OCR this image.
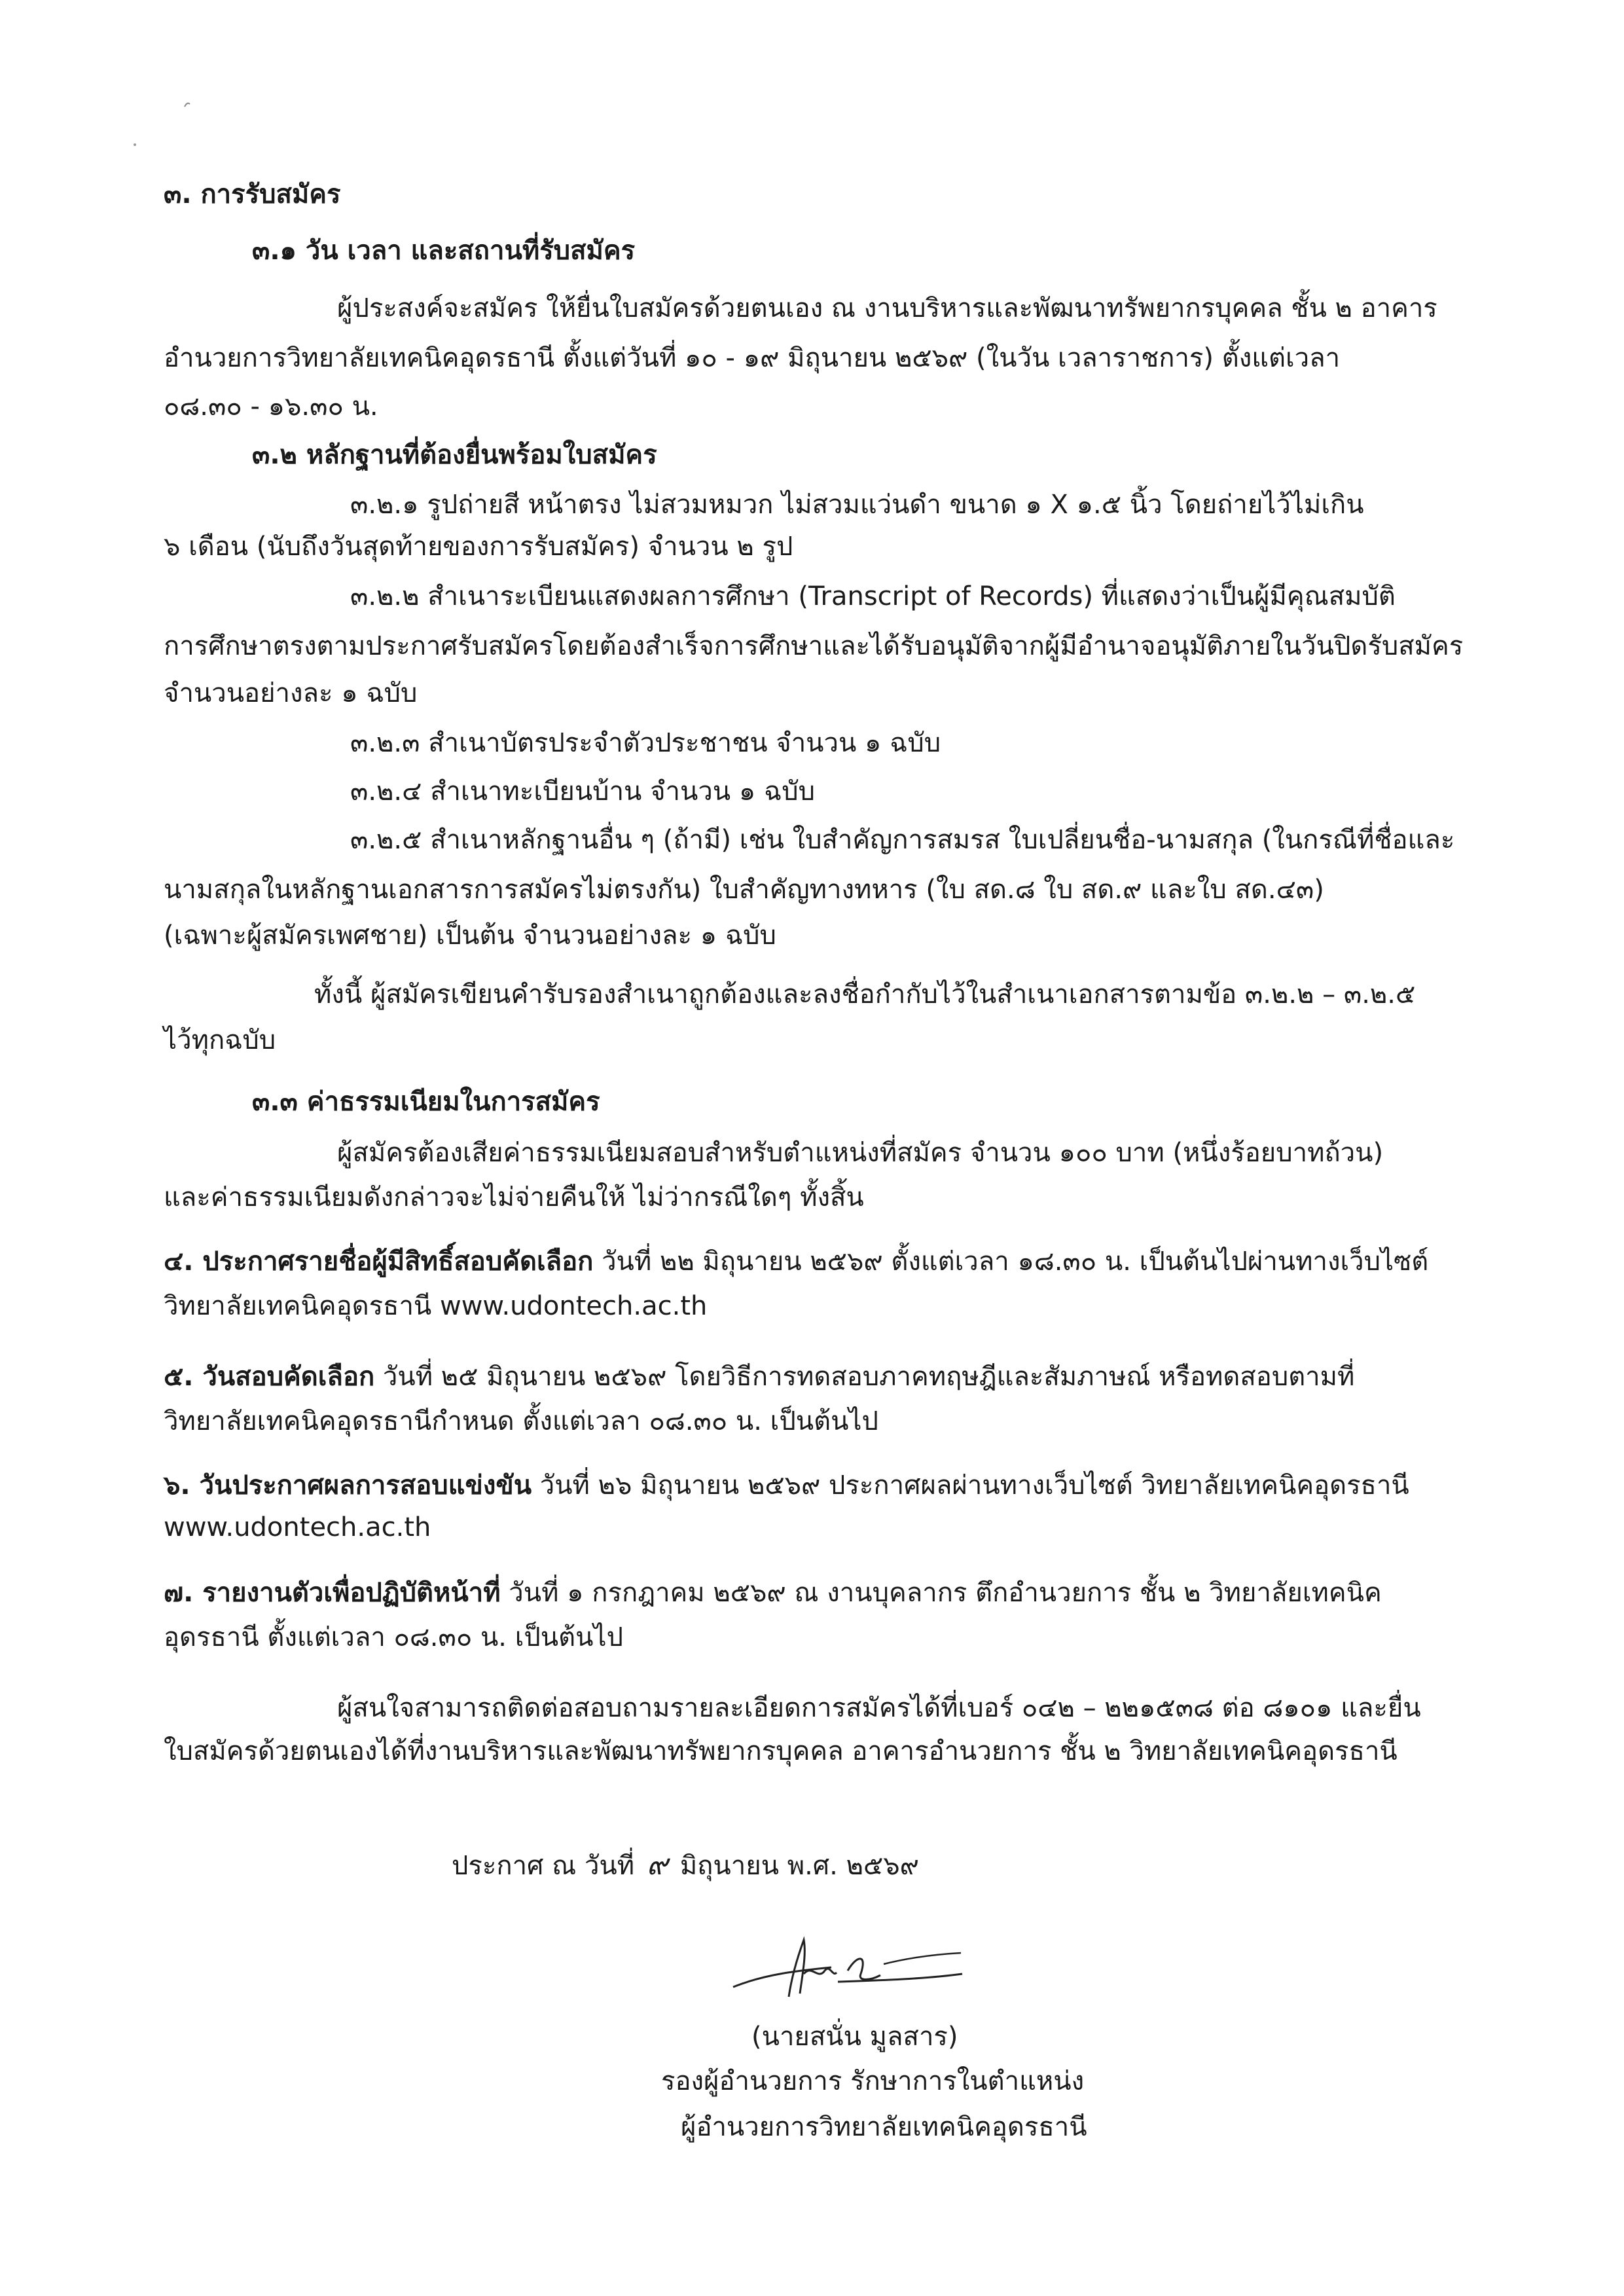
๓. การรับสมัคร
๓.๑ วัน เวลา และสถานที่รับสมัคร
ผู้ประสงค์จะสมัคร ให้ยื่นใบสมัครด้วยตนเอง ณ งานบริหารและพัฒนาทรัพยากรบุคคล ชั้น ๒ อาคาร
อำนวยการวิทยาลัยเทคนิคอุดรธานี ตั้งแต่วันที่ ๑๐ - ๑๙ มิถุนายน ๒๕๖๙ (ในวัน เวลาราชการ) ตั้งแต่เวลา
๐๘.๓๐ - ๑๖.๓๐ น.
๓.๒ หลักฐานที่ต้องยื่นพร้อมใบสมัคร
๓.๒.๑ รูปถ่ายสี หน้าตรง ไม่สวมหมวก ไม่สวมแว่นดำ ขนาด ๑ X ๑.๕ นิ้ว โดยถ่ายไว้ไม่เกิน
๖ เดือน (นับถึงวันสุดท้ายของการรับสมัคร) จำนวน ๒ รูป
๓.๒.๒ สำเนาระเบียนแสดงผลการศึกษา (Transcript of Records) ที่แสดงว่าเป็นผู้มีคุณสมบัติ
การศึกษาตรงตามประกาศรับสมัครโดยต้องสำเร็จการศึกษาและได้รับอนุมัติจากผู้มีอำนาจอนุมัติภายในวันปิดรับสมัคร
จำนวนอย่างละ ๑ ฉบับ
๓.๒.๓ สำเนาบัตรประจำตัวประชาชน จำนวน ๑ ฉบับ
๓.๒.๔ สำเนาทะเบียนบ้าน จำนวน ๑ ฉบับ
๓.๒.๕ สำเนาหลักฐานอื่น ๆ (ถ้ามี) เช่น ใบสำคัญการสมรส ใบเปลี่ยนชื่อ-นามสกุล (ในกรณีที่ชื่อและ
นามสกุลในหลักฐานเอกสารการสมัครไม่ตรงกัน) ใบสำคัญทางทหาร (ใบ สด.๘ ใบ สด.๙ และใบ สด.๔๓)
(เฉพาะผู้สมัครเพศชาย) เป็นต้น จำนวนอย่างละ ๑ ฉบับ
ทั้งนี้ ผู้สมัครเขียนคำรับรองสำเนาถูกต้องและลงชื่อกำกับไว้ในสำเนาเอกสารตามข้อ ๓.๒.๒ – ๓.๒.๕
ไว้ทุกฉบับ
๓.๓ ค่าธรรมเนียมในการสมัคร
ผู้สมัครต้องเสียค่าธรรมเนียมสอบสำหรับตำแหน่งที่สมัคร จำนวน ๑๐๐ บาท (หนึ่งร้อยบาทถ้วน)
และค่าธรรมเนียมดังกล่าวจะไม่จ่ายคืนให้ ไม่ว่ากรณีใดๆ ทั้งสิ้น
๔. ประกาศรายชื่อผู้มีสิทธิ์สอบคัดเลือก วันที่ ๒๒ มิถุนายน ๒๕๖๙ ตั้งแต่เวลา ๑๘.๓๐ น. เป็นต้นไปผ่านทางเว็บไซต์
วิทยาลัยเทคนิคอุดรธานี www.udontech.ac.th
๕. วันสอบคัดเลือก วันที่ ๒๕ มิถุนายน ๒๕๖๙ โดยวิธีการทดสอบภาคทฤษฎีและสัมภาษณ์ หรือทดสอบตามที่
วิทยาลัยเทคนิคอุดรธานีกำหนด ตั้งแต่เวลา ๐๘.๓๐ น. เป็นต้นไป
๖. วันประกาศผลการสอบแข่งขัน วันที่ ๒๖ มิถุนายน ๒๕๖๙ ประกาศผลผ่านทางเว็บไซต์ วิทยาลัยเทคนิคอุดรธานี
www.udontech.ac.th
๗. รายงานตัวเพื่อปฏิบัติหน้าที่ วันที่ ๑ กรกฎาคม ๒๕๖๙ ณ งานบุคลากร ตึกอำนวยการ ชั้น ๒ วิทยาลัยเทคนิค
อุดรธานี ตั้งแต่เวลา ๐๘.๓๐ น. เป็นต้นไป
ผู้สนใจสามารถติดต่อสอบถามรายละเอียดการสมัครได้ที่เบอร์ ๐๔๒ – ๒๒๑๕๓๘ ต่อ ๘๑๐๑ และยื่น
ใบสมัครด้วยตนเองได้ที่งานบริหารและพัฒนาทรัพยากรบุคคล อาคารอำนวยการ ชั้น ๒ วิทยาลัยเทคนิคอุดรธานี
ประกาศ ณ วันที่ ๙ มิถุนายน พ.ศ. ๒๕๖๙
(นายสนั่น มูลสาร)
รองผู้อำนวยการ รักษาการในตำแหน่ง
ผู้อำนวยการวิทยาลัยเทคนิคอุดรธานี
